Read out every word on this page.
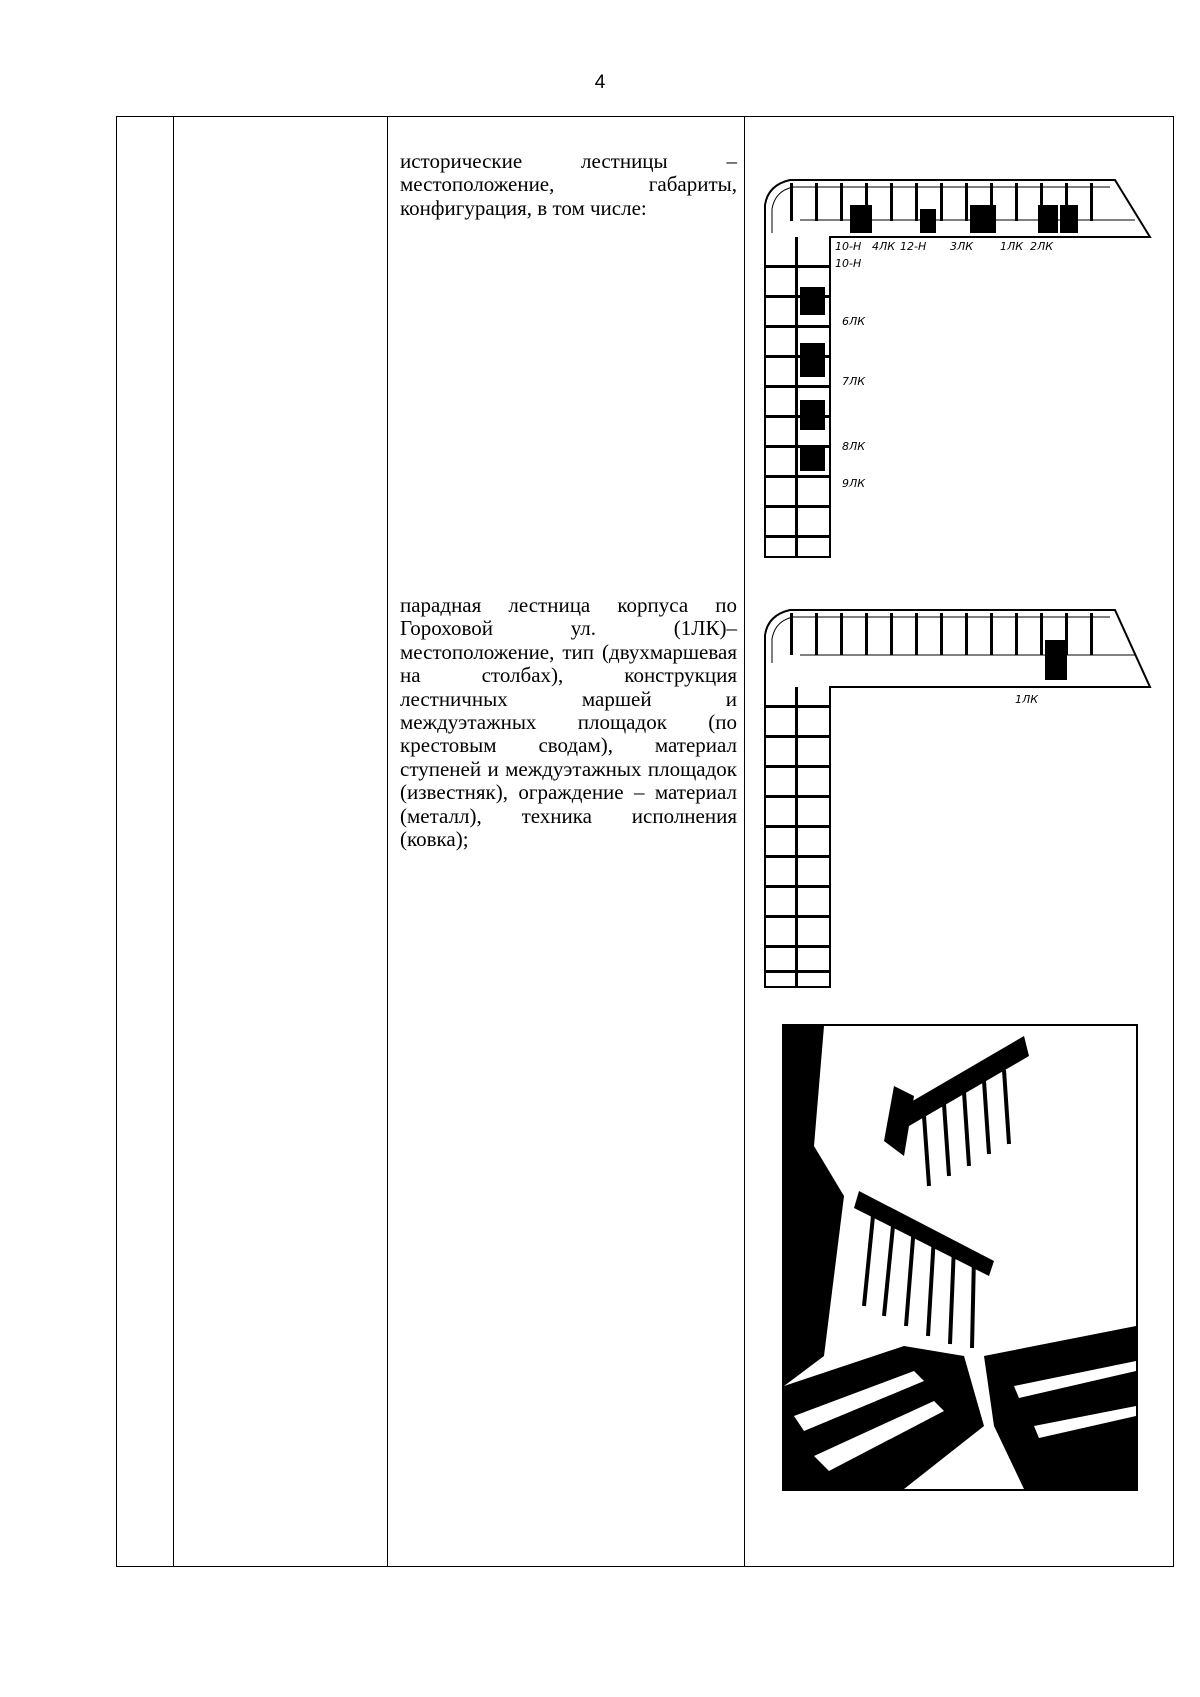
4
исторические лестницы – местоположение, габариты, конфигурация, в том числе:
парадная лестница корпуса по Гороховой ул. (1ЛК)– местоположение, тип (двухмаршевая на столбах), конструкция лестничных маршей и междуэтажных площадок (по крестовым сводам), материал ступеней и междуэтажных площадок (известняк), ограждение – материал (металл), техника исполнения (ковка);
10-Н 4ЛК 12-Н 3ЛК 1ЛК 2ЛК
10-Н
6ЛК
7ЛК
8ЛК
9ЛК
1ЛК
